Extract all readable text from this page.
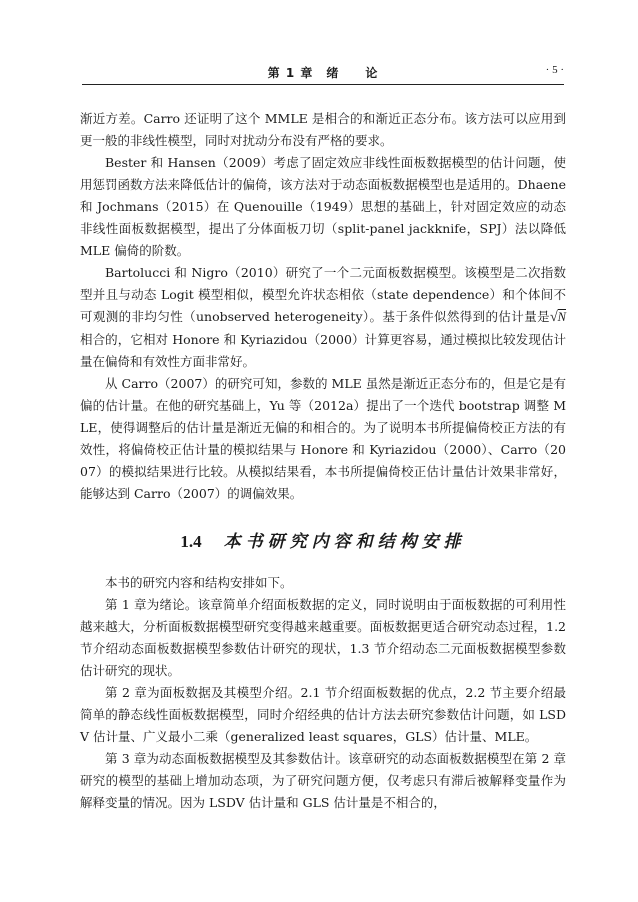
第 1 章　绪　　论	· 5 ·

渐近方差。Carro 还证明了这个 MMLE 是相合的和渐近正态分布。该方法可以应用到更一般的非线性模型，同时对扰动分布没有严格的要求。

Bester 和 Hansen（2009）考虑了固定效应非线性面板数据模型的估计问题，使用惩罚函数方法来降低估计的偏倚，该方法对于动态面板数据模型也是适用的。Dhaene 和 Jochmans（2015）在 Quenouille（1949）思想的基础上，针对固定效应的动态非线性面板数据模型，提出了分体面板刀切（split-panel jackknife，SPJ）法以降低 MLE 偏倚的阶数。

Bartolucci 和 Nigro（2010）研究了一个二元面板数据模型。该模型是二次指数型并且与动态 Logit 模型相似，模型允许状态相依（state dependence）和个体间不可观测的非均匀性（unobserved heterogeneity）。基于条件似然得到的估计量是√N 相合的，它相对 Honore 和 Kyriazidou（2000）计算更容易，通过模拟比较发现估计量在偏倚和有效性方面非常好。

从 Carro（2007）的研究可知，参数的 MLE 虽然是渐近正态分布的，但是它是有偏的估计量。在他的研究基础上，Yu 等（2012a）提出了一个迭代 bootstrap 调整 MLE，使得调整后的估计量是渐近无偏的和相合的。为了说明本书所提偏倚校正方法的有效性，将偏倚校正估计量的模拟结果与 Honore 和 Kyriazidou（2000）、Carro（2007）的模拟结果进行比较。从模拟结果看，本书所提偏倚校正估计量估计效果非常好，能够达到 Carro（2007）的调偏效果。

1.4 本书研究内容和结构安排

本书的研究内容和结构安排如下。

第 1 章为绪论。该章简单介绍面板数据的定义，同时说明由于面板数据的可利用性越来越大，分析面板数据模型研究变得越来越重要。面板数据更适合研究动态过程，1.2 节介绍动态面板数据模型参数估计研究的现状，1.3 节介绍动态二元面板数据模型参数估计研究的现状。

第 2 章为面板数据及其模型介绍。2.1 节介绍面板数据的优点，2.2 节主要介绍最简单的静态线性面板数据模型，同时介绍经典的估计方法去研究参数估计问题，如 LSDV 估计量、广义最小二乘（generalized least squares，GLS）估计量、MLE。

第 3 章为动态面板数据模型及其参数估计。该章研究的动态面板数据模型在第 2 章研究的模型的基础上增加动态项，为了研究问题方便，仅考虑只有滞后被解释变量作为解释变量的情况。因为 LSDV 估计量和 GLS 估计量是不相合的，
